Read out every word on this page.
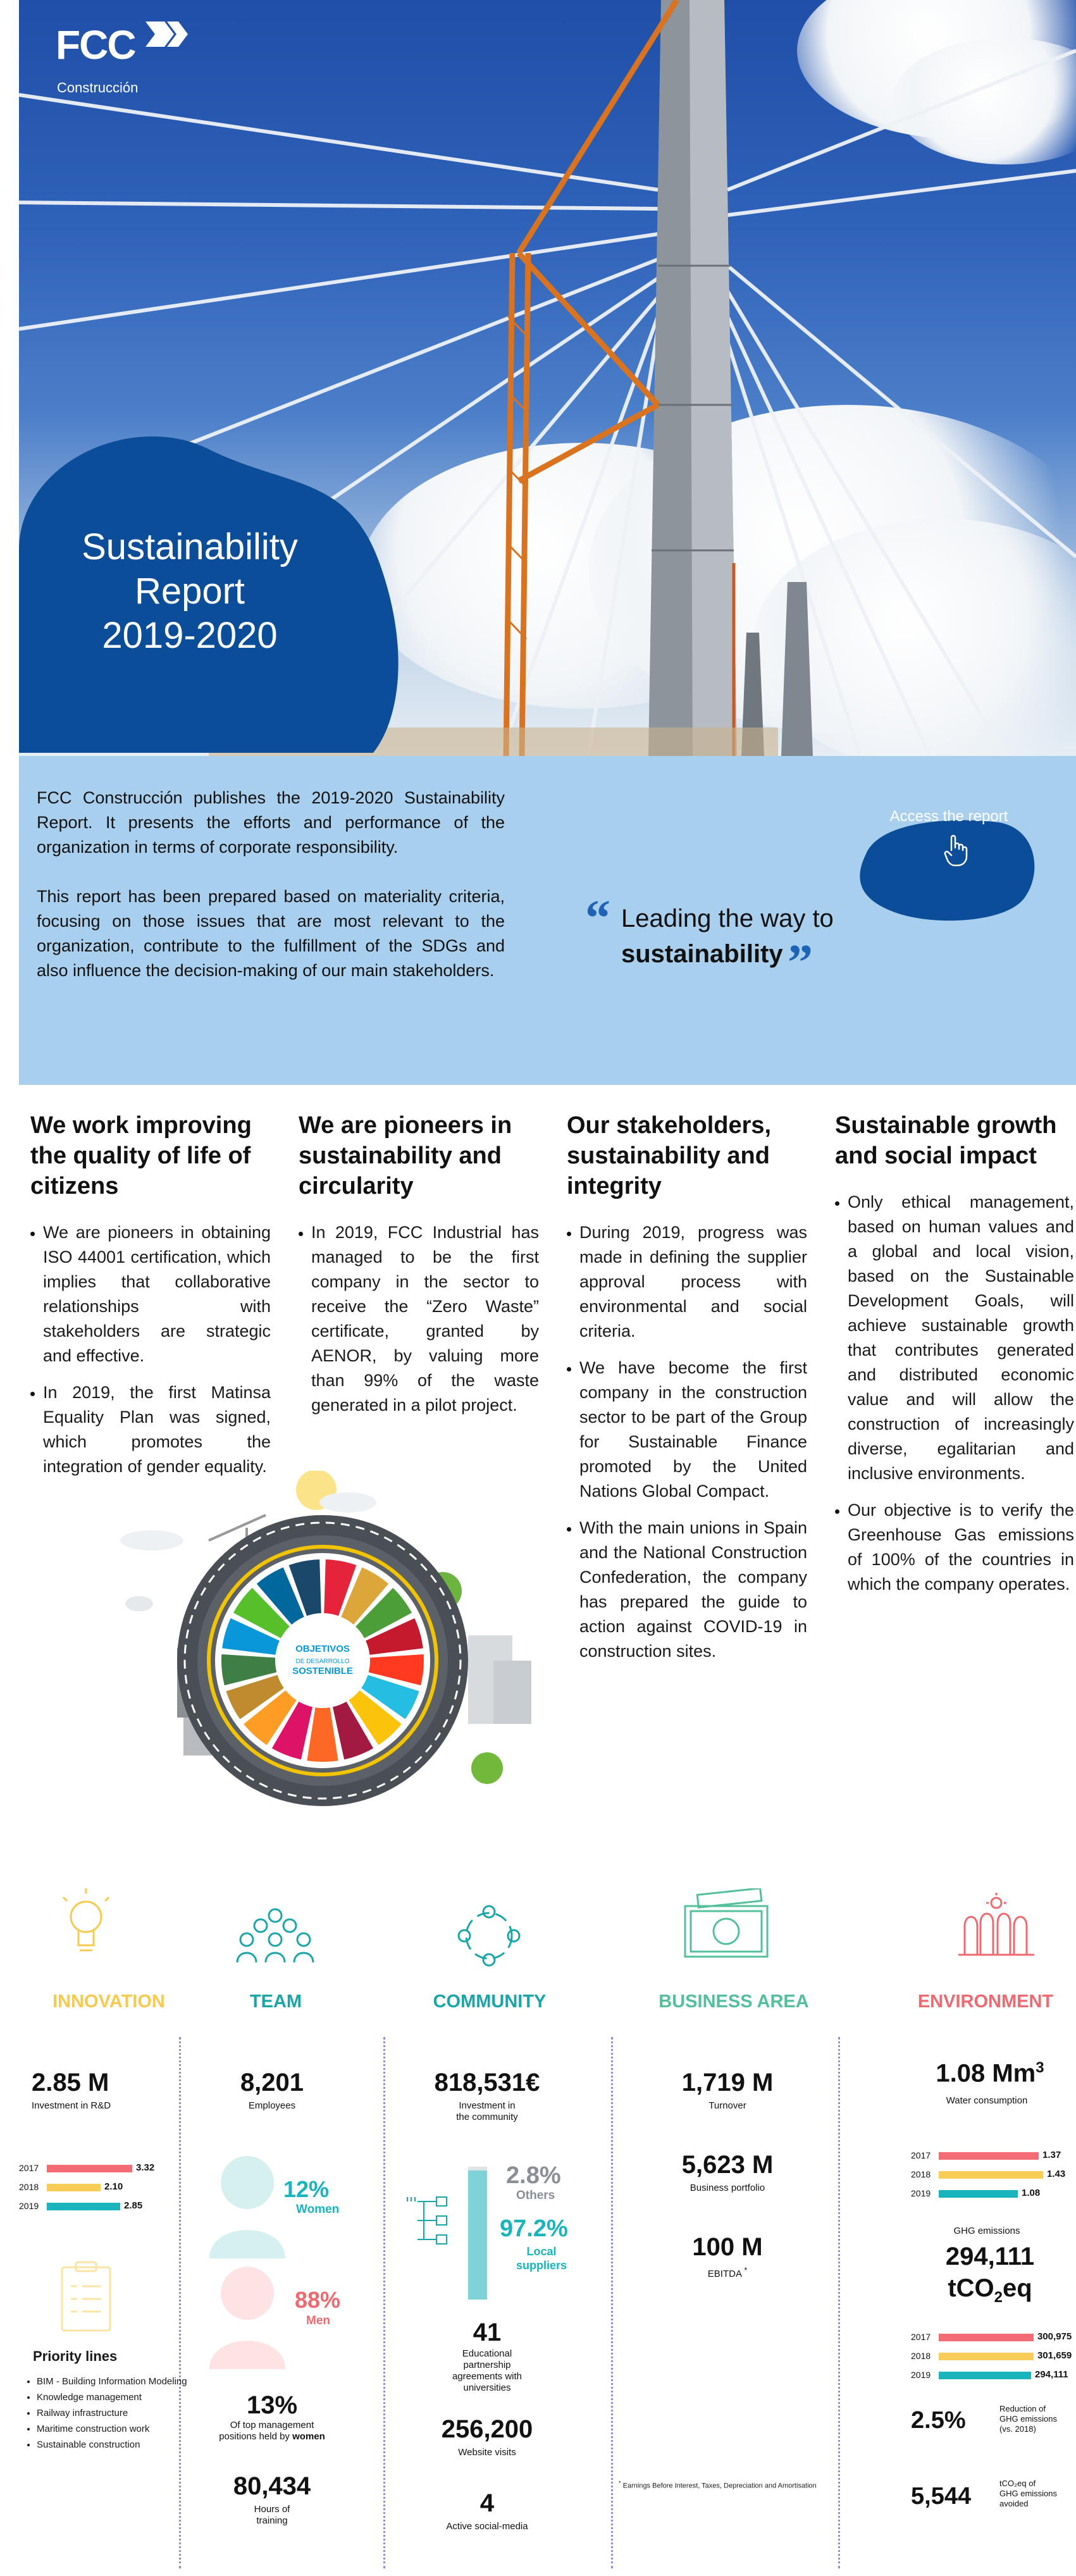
FCC
Construcción
Sustainability
Report
2019-2020

FCC Construcción publishes the 2019-2020 Sustainability Report. It presents the efforts and performance of the organization in terms of corporate responsibility.

This report has been prepared based on materiality criteria, focusing on those issues that are most relevant to the organization, contribute to the fulfillment of the SDGs and also influence the decision-making of our main stakeholders.

Access the report
“ Leading the way to
sustainability ”
We work improving the quality of life of citizens
We are pioneers in obtaining ISO 44001 certification, which implies that collaborative relationships with stakeholders are strategic and effective.
In 2019, the first Matinsa Equality Plan was signed, which promotes the integration of gender equality.
We are pioneers in sustainability and circularity
In 2019, FCC Industrial has managed to be the first company in the sector to receive the “Zero Waste” certificate, granted by AENOR, by valuing more than 99% of the waste generated in a pilot project.
Our stakeholders, sustainability and integrity
During 2019, progress was made in defining the supplier approval process with environmental and social criteria.
We have become the first company in the construction sector to be part of the Group for Sustainable Finance promoted by the United Nations Global Compact.
With the main unions in Spain and the National Construction Confederation, the company has prepared the guide to action against COVID-19 in construction sites.
Sustainable growth and social impact
Only ethical management, based on human values and a global and local vision, based on the Sustainable Development Goals, will achieve sustainable growth that contributes generated and distributed economic value and will allow the construction of increasingly diverse, egalitarian and inclusive environments.
Our objective is to verify the Greenhouse Gas emissions of 100% of the countries in which the company operates.
OBJETIVOS
DE DESARROLLO
SOSTENIBLE
INNOVATION	TEAM	COMMUNITY	BUSINESS AREA	ENVIRONMENT
2.85 M
Investment in R&D
2017	3.32
2018	2.10
2019	2.85
Priority lines
• BIM - Building Information Modeling
• Knowledge management
• Railway infrastructure
• Maritime construction work
• Sustainable construction
8,201
Employees
12%
Women
88%
Men
13%
Of top management
positions held by women
80,434
Hours of
training
818,531€
Investment in
the community
2.8%
Others
97.2%
Local
suppliers
41
Educational
partnership
agreements with
universities
256,200
Website visits
4
Active social-media
1,719 M
Turnover
5,623 M
Business portfolio
100 M
EBITDA *
* Earnings Before Interest, Taxes, Depreciation and Amortisation
1.08 Mm$^3$
Water consumption
2017	1.37
2018	1.43
2019	1.08
GHG emissions
294,111
tCO$_2$eq
2017	300,975
2018	301,659
2019	294,111
2.5%	Reduction of
GHG emissions
(vs. 2018)
5,544	tCO₂eq of
GHG emissions
avoided
